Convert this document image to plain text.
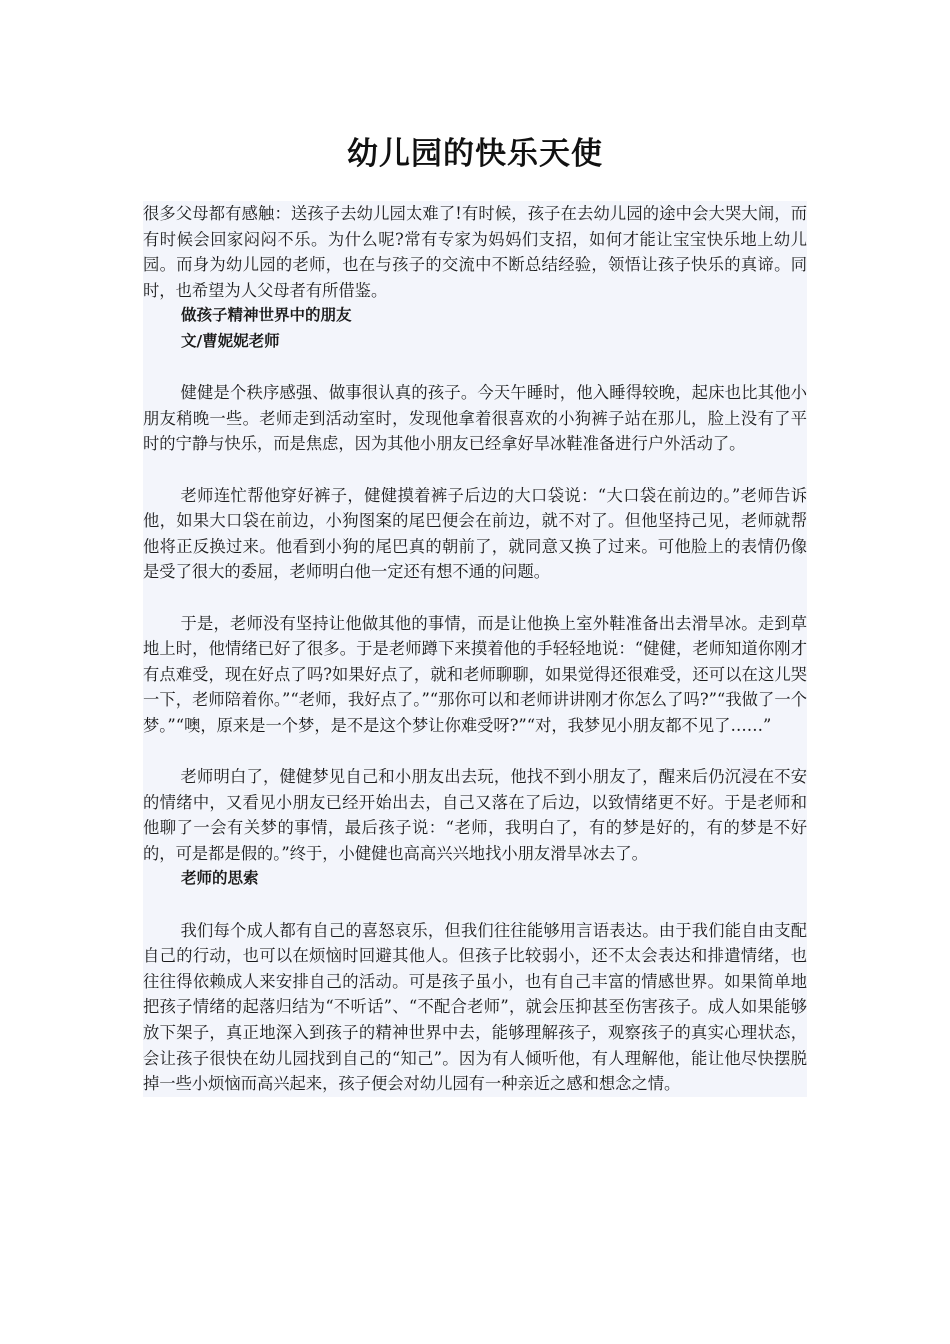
幼儿园的快乐天使

很多父母都有感触：送孩子去幼儿园太难了!有时候，孩子在去幼儿园的途中会大哭大闹，而有时候会回家闷闷不乐。为什么呢?常有专家为妈妈们支招，如何才能让宝宝快乐地上幼儿园。而身为幼儿园的老师，也在与孩子的交流中不断总结经验，领悟让孩子快乐的真谛。同时，也希望为人父母者有所借鉴。

做孩子精神世界中的朋友

文/曹妮妮老师

健健是个秩序感强、做事很认真的孩子。今天午睡时，他入睡得较晚，起床也比其他小朋友稍晚一些。老师走到活动室时，发现他拿着很喜欢的小狗裤子站在那儿，脸上没有了平时的宁静与快乐，而是焦虑，因为其他小朋友已经拿好旱冰鞋准备进行户外活动了。

老师连忙帮他穿好裤子，健健摸着裤子后边的大口袋说：“大口袋在前边的。”老师告诉他，如果大口袋在前边，小狗图案的尾巴便会在前边，就不对了。但他坚持己见，老师就帮他将正反换过来。他看到小狗的尾巴真的朝前了，就同意又换了过来。可他脸上的表情仍像是受了很大的委屈，老师明白他一定还有想不通的问题。

于是，老师没有坚持让他做其他的事情，而是让他换上室外鞋准备出去滑旱冰。走到草地上时，他情绪已好了很多。于是老师蹲下来摸着他的手轻轻地说：“健健，老师知道你刚才有点难受，现在好点了吗?如果好点了，就和老师聊聊，如果觉得还很难受，还可以在这儿哭一下，老师陪着你。”“老师，我好点了。”“那你可以和老师讲讲刚才你怎么了吗?”“我做了一个梦。”“噢，原来是一个梦，是不是这个梦让你难受呀?”“对，我梦见小朋友都不见了……”

老师明白了，健健梦见自己和小朋友出去玩，他找不到小朋友了，醒来后仍沉浸在不安的情绪中，又看见小朋友已经开始出去，自己又落在了后边，以致情绪更不好。于是老师和他聊了一会有关梦的事情，最后孩子说：“老师，我明白了，有的梦是好的，有的梦是不好的，可是都是假的。”终于，小健健也高高兴兴地找小朋友滑旱冰去了。

老师的思索

我们每个成人都有自己的喜怒哀乐，但我们往往能够用言语表达。由于我们能自由支配自己的行动，也可以在烦恼时回避其他人。但孩子比较弱小，还不太会表达和排遣情绪，也往往得依赖成人来安排自己的活动。可是孩子虽小，也有自己丰富的情感世界。如果简单地把孩子情绪的起落归结为“不听话”、“不配合老师”，就会压抑甚至伤害孩子。成人如果能够放下架子，真正地深入到孩子的精神世界中去，能够理解孩子，观察孩子的真实心理状态，会让孩子很快在幼儿园找到自己的“知己”。因为有人倾听他，有人理解他，能让他尽快摆脱掉一些小烦恼而高兴起来，孩子便会对幼儿园有一种亲近之感和想念之情。
